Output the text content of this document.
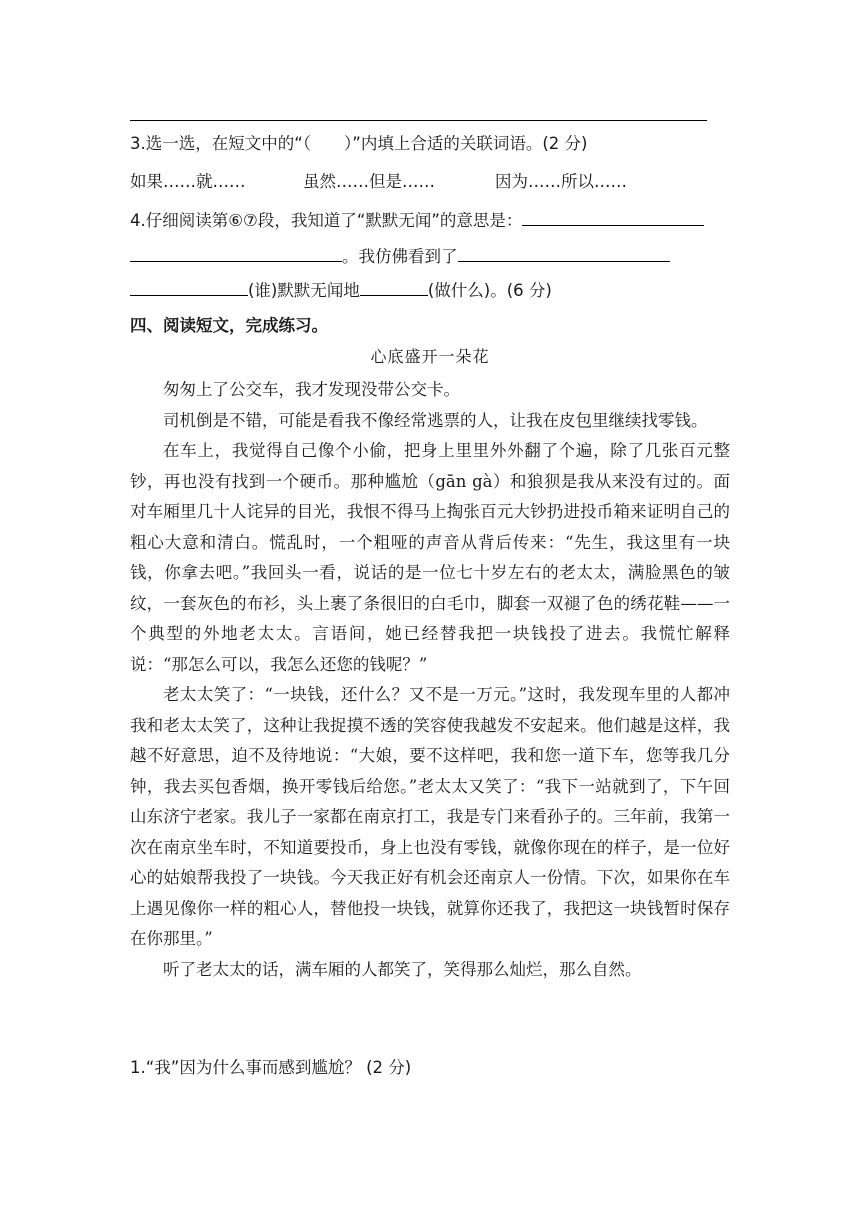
3.选一选，在短文中的“（　　）”内填上合适的关联词语。(2 分)
如果……就……	虽然……但是……	因为……所以……
4.仔细阅读第⑥⑦段，我知道了“默默无闻”的意思是：
。我仿佛看到了
(谁)默默无闻地	(做什么)。(6 分)
四、阅读短文，完成练习。
心底盛开一朵花

匆匆上了公交车，我才发现没带公交卡。

司机倒是不错，可能是看我不像经常逃票的人，让我在皮包里继续找零钱。

在车上，我觉得自己像个小偷，把身上里里外外翻了个遍，除了几张百元整钞，再也没有找到一个硬币。那种尴尬（gān gà）和狼狈是我从来没有过的。面对车厢里几十人诧异的目光，我恨不得马上掏张百元大钞扔进投币箱来证明自己的粗心大意和清白。慌乱时，一个粗哑的声音从背后传来：“先生，我这里有一块钱，你拿去吧。”我回头一看，说话的是一位七十岁左右的老太太，满脸黑色的皱纹，一套灰色的布衫，头上裹了条很旧的白毛巾，脚套一双褪了色的绣花鞋——一个典型的外地老太太。言语间，她已经替我把一块钱投了进去。我慌忙解释说：“那怎么可以，我怎么还您的钱呢？”

老太太笑了：“一块钱，还什么？又不是一万元。”这时，我发现车里的人都冲我和老太太笑了，这种让我捉摸不透的笑容使我越发不安起来。他们越是这样，我越不好意思，迫不及待地说：“大娘，要不这样吧，我和您一道下车，您等我几分钟，我去买包香烟，换开零钱后给您。”老太太又笑了：“我下一站就到了，下午回山东济宁老家。我儿子一家都在南京打工，我是专门来看孙子的。三年前，我第一次在南京坐车时，不知道要投币，身上也没有零钱，就像你现在的样子，是一位好心的姑娘帮我投了一块钱。今天我正好有机会还南京人一份情。下次，如果你在车上遇见像你一样的粗心人，替他投一块钱，就算你还我了，我把这一块钱暂时保存在你那里。”

听了老太太的话，满车厢的人都笑了，笑得那么灿烂，那么自然。

1.“我”因为什么事而感到尴尬？ (2 分)
